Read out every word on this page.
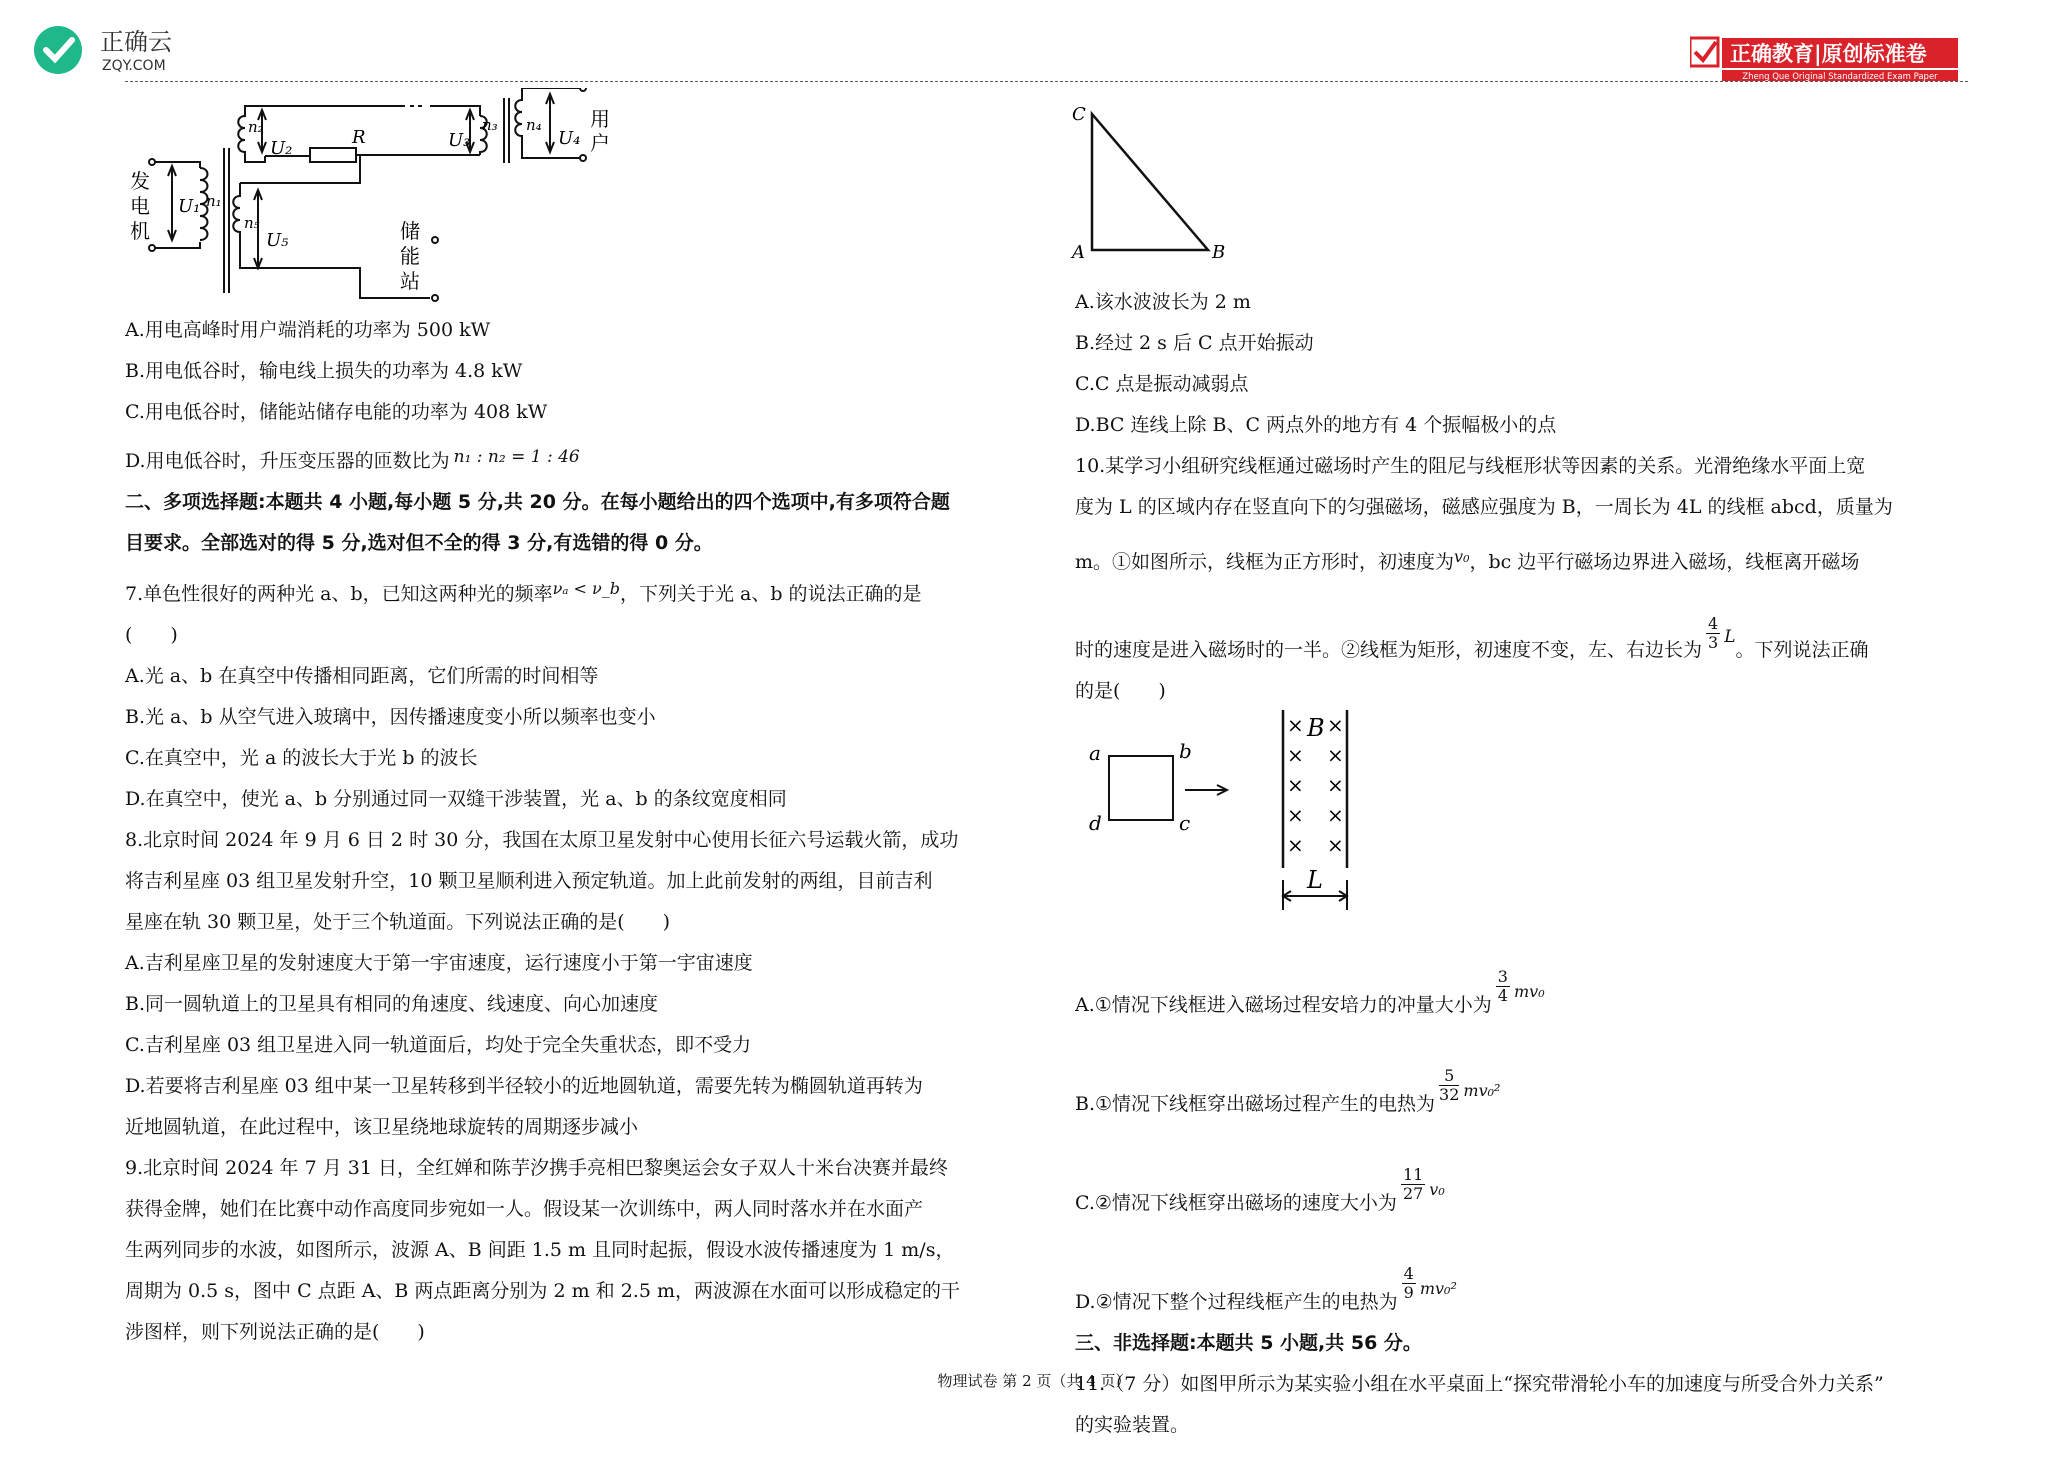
正确云
ZQY.COM	正确教育|原创标准卷
Zheng Que Original Standardized Exam Paper
发
电
机
用
户
储
能
站
R
U₁ n₁
U₂
n₂
U₃
n₃
U₄
n₄
U₅
n₅
A.用电高峰时用户端消耗的功率为 500 kW
B.用电低谷时，输电线上损失的功率为 4.8 kW
C.用电低谷时，储能站储存电能的功率为 408 kW
D.用电低谷时，升压变压器的匝数比为 n₁ : n₂ = 1 : 46
二、多项选择题:本题共 4 小题,每小题 5 分,共 20 分。在每小题给出的四个选项中,有多项符合题
目要求。全部选对的得 5 分,选对但不全的得 3 分,有选错的得 0 分。
7.单色性很好的两种光 a、b，已知这两种光的频率$^{\nu_a < \nu\_b}$，下列关于光 a、b 的说法正确的是
(　　)
A.光 a、b 在真空中传播相同距离，它们所需的时间相等
B.光 a、b 从空气进入玻璃中，因传播速度变小所以频率也变小
C.在真空中，光 a 的波长大于光 b 的波长
D.在真空中，使光 a、b 分别通过同一双缝干涉装置，光 a、b 的条纹宽度相同
8.北京时间 2024 年 9 月 6 日 2 时 30 分，我国在太原卫星发射中心使用长征六号运载火箭，成功
将吉利星座 03 组卫星发射升空，10 颗卫星顺利进入预定轨道。加上此前发射的两组，目前吉利
星座在轨 30 颗卫星，处于三个轨道面。下列说法正确的是(　　)
A.吉利星座卫星的发射速度大于第一宇宙速度，运行速度小于第一宇宙速度
B.同一圆轨道上的卫星具有相同的角速度、线速度、向心加速度
C.吉利星座 03 组卫星进入同一轨道面后，均处于完全失重状态，即不受力
D.若要将吉利星座 03 组中某一卫星转移到半径较小的近地圆轨道，需要先转为椭圆轨道再转为
近地圆轨道，在此过程中，该卫星绕地球旋转的周期逐步减小
9.北京时间 2024 年 7 月 31 日，全红婵和陈芋汐携手亮相巴黎奥运会女子双人十米台决赛并最终
获得金牌，她们在比赛中动作高度同步宛如一人。假设某一次训练中，两人同时落水并在水面产
生两列同步的水波，如图所示，波源 A、B 间距 1.5 m 且同时起振，假设水波传播速度为 1 m/s，
周期为 0.5 s，图中 C 点距 A、B 两点距离分别为 2 m 和 2.5 m，两波源在水面可以形成稳定的干
涉图样，则下列说法正确的是(　　)
C
A	B
× ×
× ×
× ×
× ×
× ×
a	b
c
d
B
L
A.该水波波长为 2 m
B.经过 2 s 后 C 点开始振动
C.C 点是振动减弱点
D.BC 连线上除 B、C 两点外的地方有 4 个振幅极小的点
10.某学习小组研究线框通过磁场时产生的阻尼与线框形状等因素的关系。光滑绝缘水平面上宽
度为 L 的区域内存在竖直向下的匀强磁场，磁感应强度为 B，一周长为 4L 的线框 abcd，质量为
m。①如图所示，线框为正方形时，初速度为$^{v_0}$，bc 边平行磁场边界进入磁场，线框离开磁场
时的速度是进入磁场时的一半。②线框为矩形，初速度不变，左、右边长为 $\frac{4}{3}$ L。下列说法正确
的是(　　)
A.①情况下线框进入磁场过程安培力的冲量大小为 $\frac{3}{4} ^{mv_0}$
B.①情况下线框穿出磁场过程产生的电热为 $\frac{5}{32} ^{mv_0^2}$
C.②情况下线框穿出磁场的速度大小为 $\frac{11}{27} ^{v_0}$
D.②情况下整个过程线框产生的电热为 $\frac{4}{9} ^{mv_0^2}$
三、非选择题:本题共 5 小题,共 56 分。
11.（7 分）如图甲所示为某实验小组在水平桌面上“探究带滑轮小车的加速度与所受合外力关系”
的实验装置。
物理试卷 第 2 页（共 4 页）
